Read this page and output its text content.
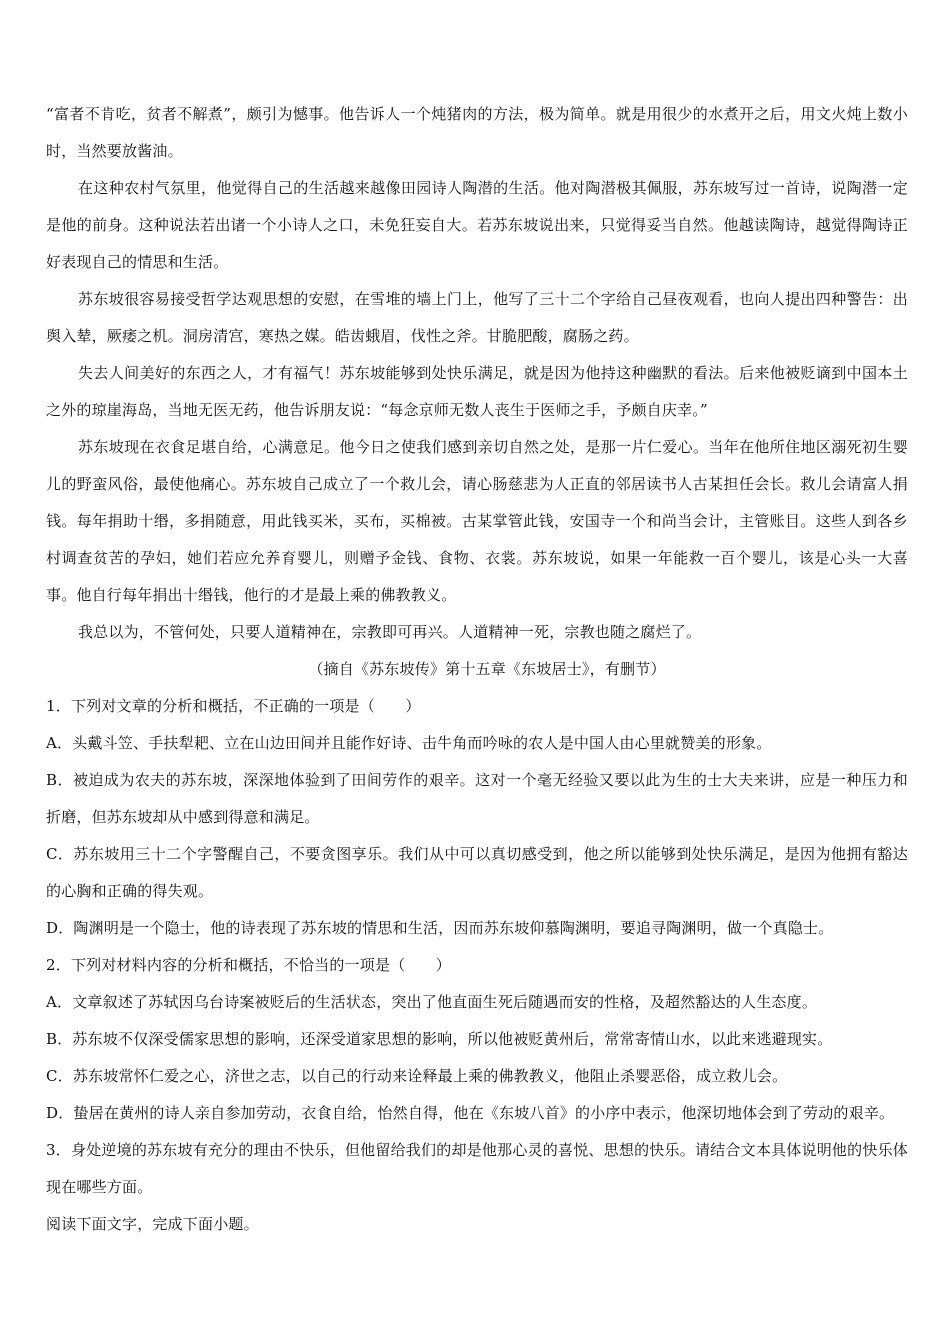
“富者不肯吃，贫者不解煮”，颇引为憾事。他告诉人一个炖猪肉的方法，极为简单。就是用很少的水煮开之后，用文火炖上数小时，当然要放酱油。

在这种农村气氛里，他觉得自己的生活越来越像田园诗人陶潜的生活。他对陶潜极其佩服，苏东坡写过一首诗，说陶潜一定是他的前身。这种说法若出诸一个小诗人之口，未免狂妄自大。若苏东坡说出来，只觉得妥当自然。他越读陶诗，越觉得陶诗正好表现自己的情思和生活。

苏东坡很容易接受哲学达观思想的安慰，在雪堆的墙上门上，他写了三十二个字给自己昼夜观看，也向人提出四种警告：出舆入辇，厥痿之机。洞房清宫，寒热之媒。皓齿蛾眉，伐性之斧。甘脆肥酸，腐肠之药。

失去人间美好的东西之人，才有福气！苏东坡能够到处快乐满足，就是因为他持这种幽默的看法。后来他被贬谪到中国本土之外的琼崖海岛，当地无医无药，他告诉朋友说：“每念京师无数人丧生于医师之手，予颇自庆幸。”

苏东坡现在衣食足堪自给，心满意足。他今日之使我们感到亲切自然之处，是那一片仁爱心。当年在他所住地区溺死初生婴儿的野蛮风俗，最使他痛心。苏东坡自己成立了一个救儿会，请心肠慈悲为人正直的邻居读书人古某担任会长。救儿会请富人捐钱。每年捐助十缗，多捐随意，用此钱买米，买布，买棉被。古某掌管此钱，安国寺一个和尚当会计，主管账目。这些人到各乡村调查贫苦的孕妇，她们若应允养育婴儿，则赠予金钱、食物、衣裳。苏东坡说，如果一年能救一百个婴儿，该是心头一大喜事。他自行每年捐出十缗钱，他行的才是最上乘的佛教教义。

我总以为，不管何处，只要人道精神在，宗教即可再兴。人道精神一死，宗教也随之腐烂了。

（摘自《苏东坡传》第十五章《东坡居士》，有删节）

1．下列对文章的分析和概括，不正确的一项是（　　）

A．头戴斗笠、手扶犁耙、立在山边田间并且能作好诗、击牛角而吟咏的农人是中国人由心里就赞美的形象。

B．被迫成为农夫的苏东坡，深深地体验到了田间劳作的艰辛。这对一个毫无经验又要以此为生的士大夫来讲，应是一种压力和折磨，但苏东坡却从中感到得意和满足。

C．苏东坡用三十二个字警醒自己，不要贪图享乐。我们从中可以真切感受到，他之所以能够到处快乐满足，是因为他拥有豁达的心胸和正确的得失观。

D．陶渊明是一个隐士，他的诗表现了苏东坡的情思和生活，因而苏东坡仰慕陶渊明，要追寻陶渊明，做一个真隐士。

2．下列对材料内容的分析和概括，不恰当的一项是（　　）

A．文章叙述了苏轼因乌台诗案被贬后的生活状态，突出了他直面生死后随遇而安的性格，及超然豁达的人生态度。

B．苏东坡不仅深受儒家思想的影响，还深受道家思想的影响，所以他被贬黄州后，常常寄情山水，以此来逃避现实。

C．苏东坡常怀仁爱之心，济世之志，以自己的行动来诠释最上乘的佛教教义，他阻止杀婴恶俗，成立救儿会。

D．蛰居在黄州的诗人亲自参加劳动，衣食自给，怡然自得，他在《东坡八首》的小序中表示，他深切地体会到了劳动的艰辛。

3．身处逆境的苏东坡有充分的理由不快乐，但他留给我们的却是他那心灵的喜悦、思想的快乐。请结合文本具体说明他的快乐体现在哪些方面。

阅读下面文字，完成下面小题。
